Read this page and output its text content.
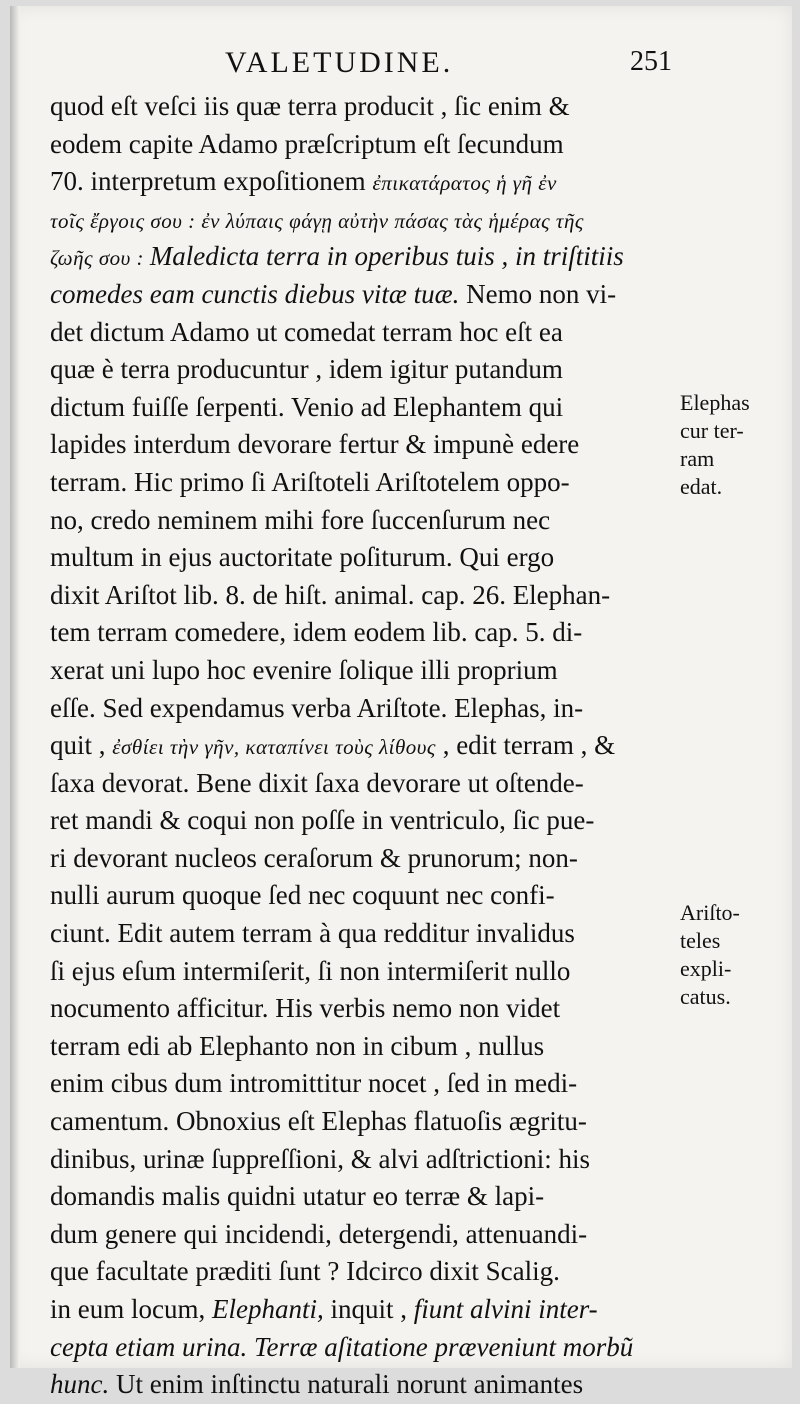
VALETUDINE.	251
quod eſt veſci iis quæ terra producit , ſic enim &
eodem capite Adamo præſcriptum eſt ſecundum
70. interpretum expoſitionem ἐπικατάρατος ἡ γῆ ἐν
τοῖς ἔργοις σου : ἐν λύπαις φάγῃ αὐτὴν πάσας τὰς ἡμέρας τῆς
ζωῆς σου : Maledicta terra in operibus tuis , in triſtitiis
comedes eam cunctis diebus vitæ tuæ. Nemo non vi-
det dictum Adamo ut comedat terram hoc eſt ea
quæ è terra producuntur , idem igitur putandum
dictum fuiſſe ſerpenti. Venio ad Elephantem qui
lapides interdum devorare fertur & impunè edere
terram. Hic primo ſi Ariſtoteli Ariſtotelem oppo-
no, credo neminem mihi fore ſuccenſurum nec
multum in ejus auctoritate poſiturum. Qui ergo
dixit Ariſtot lib. 8. de hiſt. animal. cap. 26. Elephan-
tem terram comedere, idem eodem lib. cap. 5. di-
xerat uni lupo hoc evenire ſolique illi proprium
eſſe. Sed expendamus verba Ariſtote. Elephas, in-
quit , ἐσθίει τὴν γῆν, καταπίνει τοὺς λίθους , edit terram , &
ſaxa devorat. Bene dixit ſaxa devorare ut oſtende-
ret mandi & coqui non poſſe in ventriculo, ſic pue-
ri devorant nucleos ceraſorum & prunorum; non-
nulli aurum quoque ſed nec coquunt nec confi-
ciunt. Edit autem terram à qua redditur invalidus
ſi ejus eſum intermiſerit, ſi non intermiſerit nullo
nocumento afficitur. His verbis nemo non videt
terram edi ab Elephanto non in cibum , nullus
enim cibus dum intromittitur nocet , ſed in medi-
camentum. Obnoxius eſt Elephas flatuoſis ægritu-
dinibus, urinæ ſuppreſſioni, & alvi adſtrictioni: his
domandis malis quidni utatur eo terræ & lapi-
dum genere qui incidendi, detergendi, attenuandi-
que facultate præditi ſunt ? Idcirco dixit Scalig.
in eum locum, Elephanti, inquit , fiunt alvini inter-
cepta etiam urina. Terræ aſitatione præveniunt morbũ
hunc. Ut enim inſtinctu naturali norunt animantes
Elephas
cur ter-
ram
edat.
Ariſto-
teles
expli-
catus.
